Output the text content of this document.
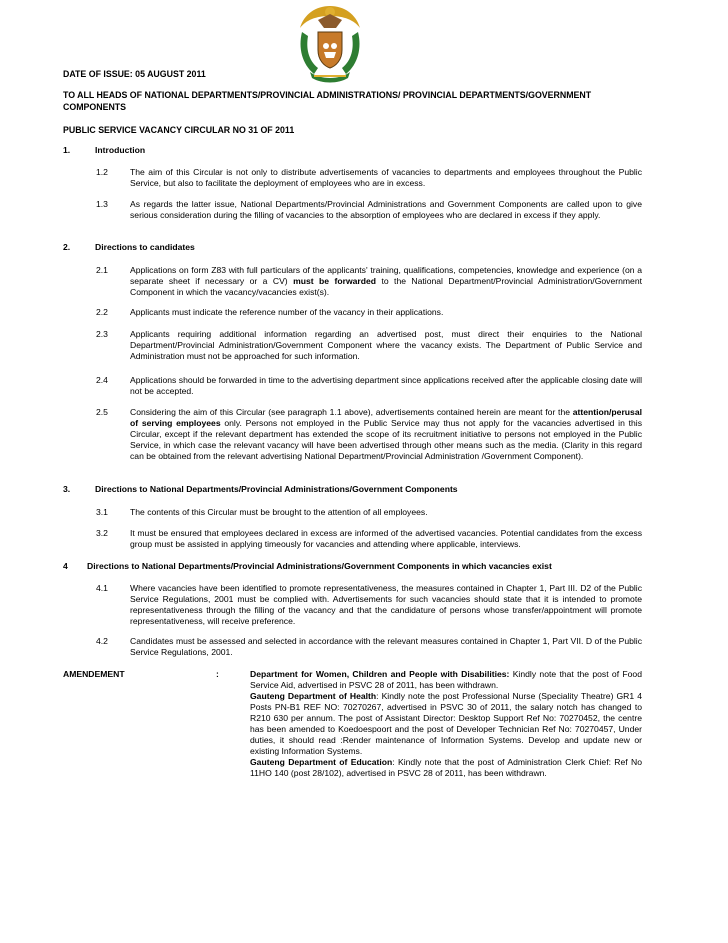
DATE OF ISSUE: 05 AUGUST 2011
TO ALL HEADS OF NATIONAL DEPARTMENTS/PROVINCIAL ADMINISTRATIONS/ PROVINCIAL DEPARTMENTS/GOVERNMENT COMPONENTS
PUBLIC SERVICE VACANCY CIRCULAR NO 31 OF 2011
1.	Introduction
1.2	The aim of this Circular is not only to distribute advertisements of vacancies to departments and employees throughout the Public Service, but also to facilitate the deployment of employees who are in excess.
1.3	As regards the latter issue, National Departments/Provincial Administrations and Government Components are called upon to give serious consideration during the filling of vacancies to the absorption of employees who are declared in excess if they apply.
2.	Directions to candidates
2.1	Applications on form Z83 with full particulars of the applicants' training, qualifications, competencies, knowledge and experience (on a separate sheet if necessary or a CV) must be forwarded to the National Department/Provincial Administration/Government Component in which the vacancy/vacancies exist(s).
2.2	Applicants must indicate the reference number of the vacancy in their applications.
2.3	Applicants requiring additional information regarding an advertised post, must direct their enquiries to the National Department/Provincial Administration/Government Component where the vacancy exists. The Department of Public Service and Administration must not be approached for such information.
2.4	Applications should be forwarded in time to the advertising department since applications received after the applicable closing date will not be accepted.
2.5	Considering the aim of this Circular (see paragraph 1.1 above), advertisements contained herein are meant for the attention/perusal of serving employees only. Persons not employed in the Public Service may thus not apply for the vacancies advertised in this Circular, except if the relevant department has extended the scope of its recruitment initiative to persons not employed in the Public Service, in which case the relevant vacancy will have been advertised through other means such as the media. (Clarity in this regard can be obtained from the relevant advertising National Department/Provincial Administration /Government Component).
3.	Directions to National Departments/Provincial Administrations/Government Components
3.1	The contents of this Circular must be brought to the attention of all employees.
3.2	It must be ensured that employees declared in excess are informed of the advertised vacancies. Potential candidates from the excess group must be assisted in applying timeously for vacancies and attending where applicable, interviews.
4 Directions to National Departments/Provincial Administrations/Government Components in which vacancies exist
4.1	Where vacancies have been identified to promote representativeness, the measures contained in Chapter 1, Part III. D2 of the Public Service Regulations, 2001 must be complied with. Advertisements for such vacancies should state that it is intended to promote representativeness through the filling of the vacancy and that the candidature of persons whose transfer/appointment will promote representativeness, will receive preference.
4.2	Candidates must be assessed and selected in accordance with the relevant measures contained in Chapter 1, Part VII. D of the Public Service Regulations, 2001.
AMENDEMENT	:	Department for Women, Children and People with Disabilities: Kindly note that the post of Food Service Aid, advertised in PSVC 28 of 2011, has been withdrawn.
Gauteng Department of Health: Kindly note the post Professional Nurse (Speciality Theatre) GR1 4 Posts PN-B1 REF NO: 70270267, advertised in PSVC 30 of 2011, the salary notch has changed to R210 630 per annum. The post of Assistant Director: Desktop Support Ref No: 70270452, the centre has been amended to Koedoespoort and the post of Developer Technician Ref No: 70270457, Under duties, it should read :Render maintenance of Information Systems. Develop and update new or existing Information Systems.
Gauteng Department of Education: Kindly note that the post of Administration Clerk Chief: Ref No 11HO 140 (post 28/102), advertised in PSVC 28 of 2011, has been withdrawn.
